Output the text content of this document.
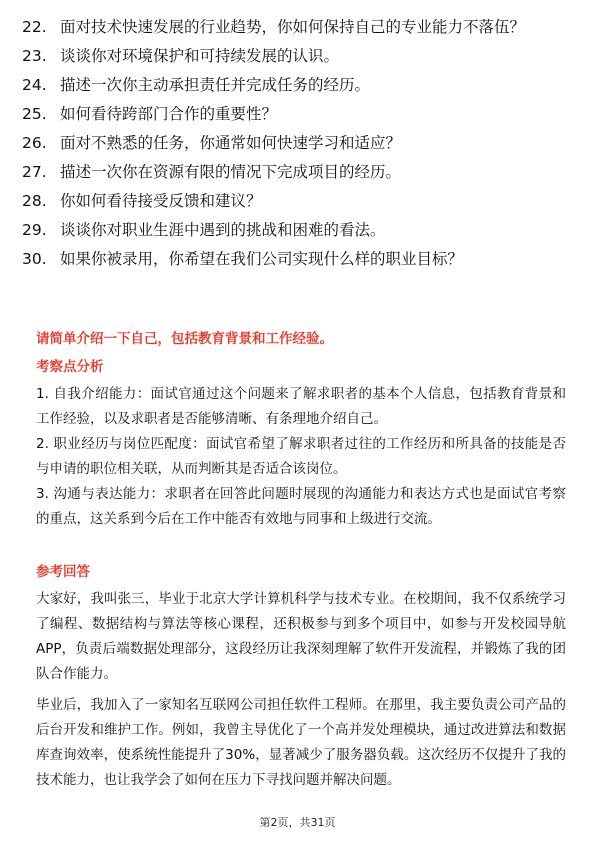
22. 面对技术快速发展的行业趋势，你如何保持自己的专业能力不落伍？
23. 谈谈你对环境保护和可持续发展的认识。
24. 描述一次你主动承担责任并完成任务的经历。
25. 如何看待跨部门合作的重要性？
26. 面对不熟悉的任务，你通常如何快速学习和适应？
27. 描述一次你在资源有限的情况下完成项目的经历。
28. 你如何看待接受反馈和建议？
29. 谈谈你对职业生涯中遇到的挑战和困难的看法。
30. 如果你被录用，你希望在我们公司实现什么样的职业目标？
请简单介绍一下自己，包括教育背景和工作经验。
考察点分析
1. 自我介绍能力：面试官通过这个问题来了解求职者的基本个人信息，包括教育背景和工作经验，以及求职者是否能够清晰、有条理地介绍自己。
2. 职业经历与岗位匹配度：面试官希望了解求职者过往的工作经历和所具备的技能是否与申请的职位相关联，从而判断其是否适合该岗位。
3. 沟通与表达能力：求职者在回答此问题时展现的沟通能力和表达方式也是面试官考察的重点，这关系到今后在工作中能否有效地与同事和上级进行交流。
参考回答
大家好，我叫张三，毕业于北京大学计算机科学与技术专业。在校期间，我不仅系统学习了编程、数据结构与算法等核心课程，还积极参与到多个项目中，如参与开发校园导航APP，负责后端数据处理部分，这段经历让我深刻理解了软件开发流程，并锻炼了我的团队合作能力。
毕业后，我加入了一家知名互联网公司担任软件工程师。在那里，我主要负责公司产品的后台开发和维护工作。例如，我曾主导优化了一个高并发处理模块，通过改进算法和数据库查询效率，使系统性能提升了30%，显著减少了服务器负载。这次经历不仅提升了我的技术能力，也让我学会了如何在压力下寻找问题并解决问题。
第2页，共31页
